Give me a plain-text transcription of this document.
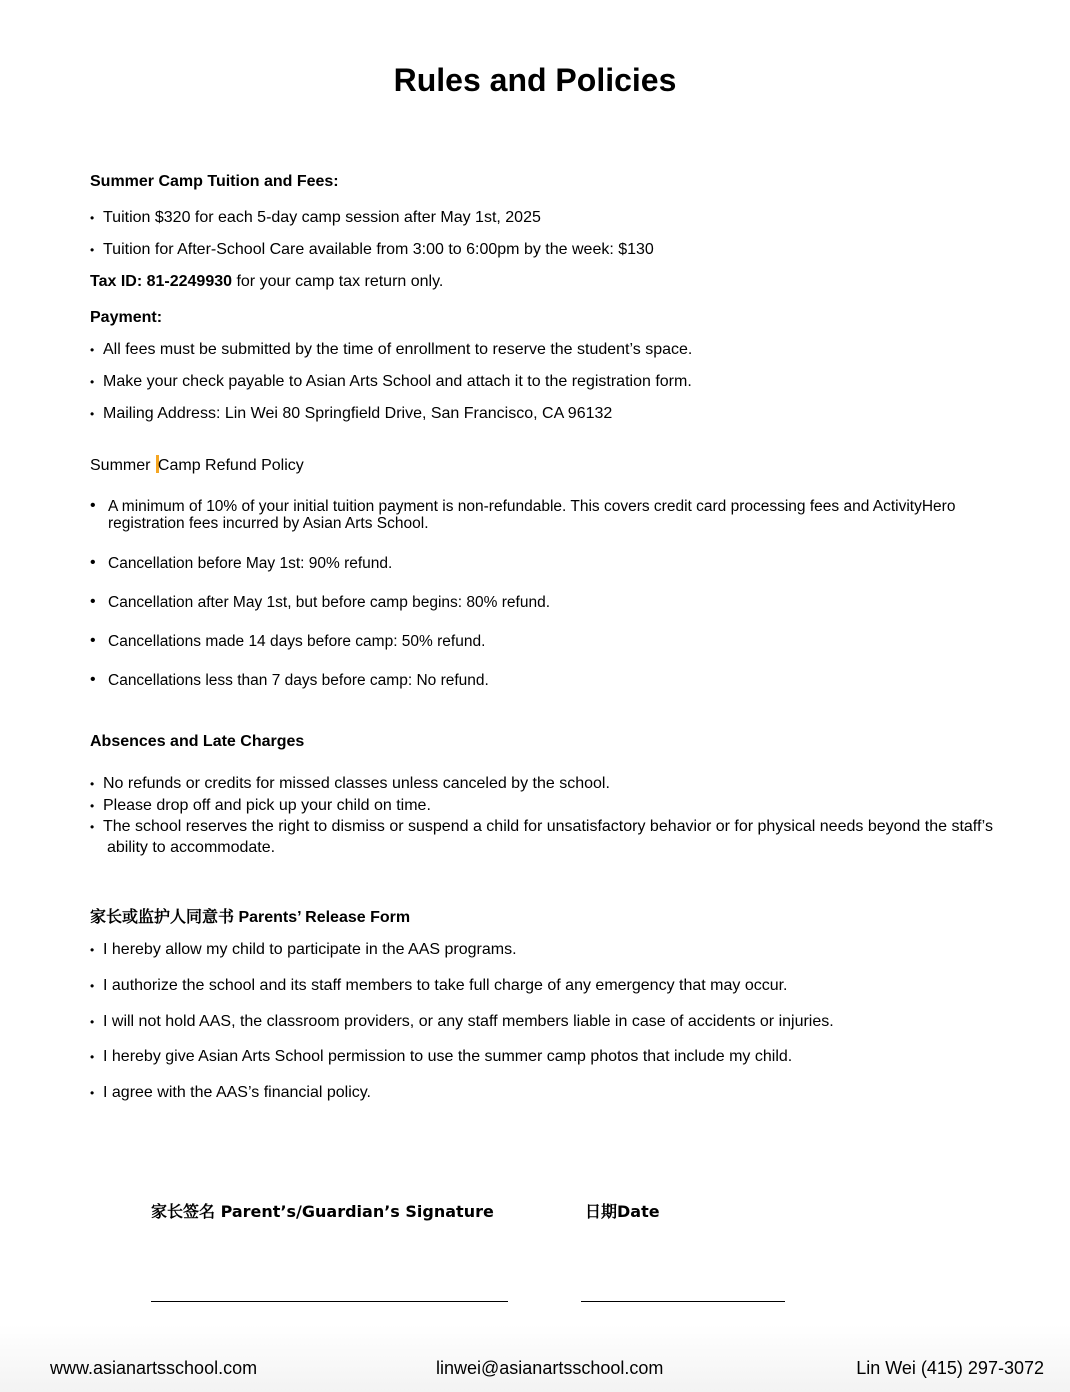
Rules and Policies
Summer Camp Tuition and Fees:
• Tuition $320 for each 5-day camp session after May 1st, 2025
• Tuition for After-School Care available from 3:00 to 6:00pm by the week: $130
Tax ID: 81-2249930 for your camp tax return only.
Payment:
• All fees must be submitted by the time of enrollment to reserve the student’s space.
• Make your check payable to Asian Arts School and attach it to the registration form.
• Mailing Address: Lin Wei 80 Springfield Drive, San Francisco, CA 96132
Summer Camp Refund Policy
• A minimum of 10% of your initial tuition payment is non-refundable. This covers credit card processing fees and ActivityHero
registration fees incurred by Asian Arts School.
• Cancellation before May 1st: 90% refund.
• Cancellation after May 1st, but before camp begins: 80% refund.
• Cancellations made 14 days before camp: 50% refund.
• Cancellations less than 7 days before camp: No refund.
Absences and Late Charges
• No refunds or credits for missed classes unless canceled by the school.
• Please drop off and pick up your child on time.
• The school reserves the right to dismiss or suspend a child for unsatisfactory behavior or for physical needs beyond the staff’s
ability to accommodate.
家长或监护人同意书 Parents’ Release Form
• I hereby allow my child to participate in the AAS programs.
• I authorize the school and its staff members to take full charge of any emergency that may occur.
• I will not hold AAS, the classroom providers, or any staff members liable in case of accidents or injuries.
• I hereby give Asian Arts School permission to use the summer camp photos that include my child.
• I agree with the AAS’s financial policy.
家长签名 Parent’s/Guardian’s Signature	日期Date
www.asianartsschool.com	linwei@asianartsschool.com	Lin Wei (415) 297-3072
